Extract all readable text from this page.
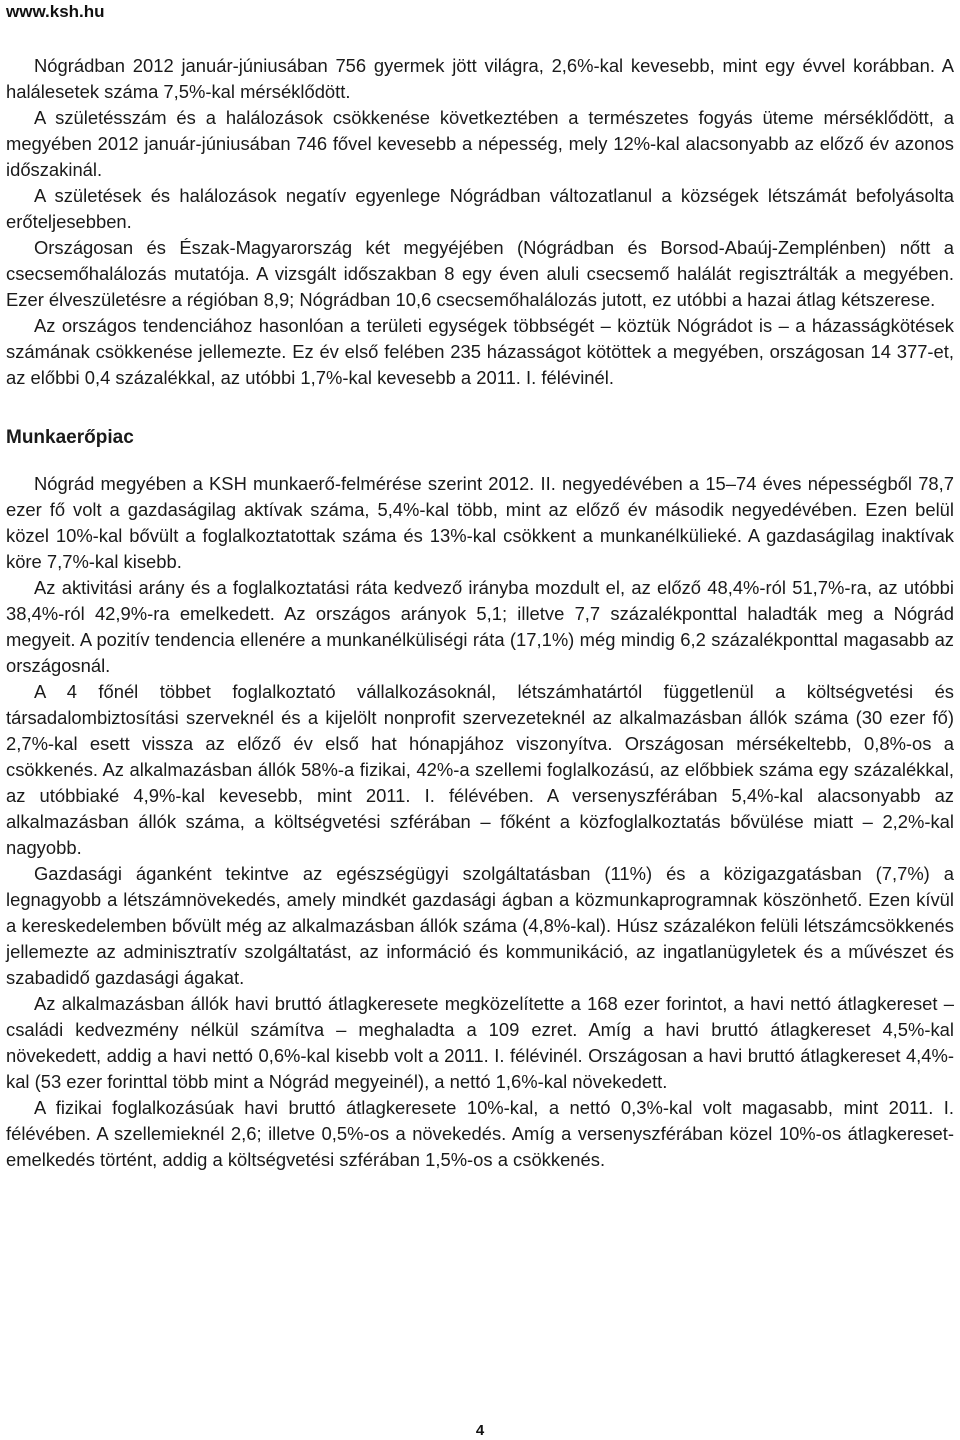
www.ksh.hu

Nógrádban 2012 január-júniusában 756 gyermek jött világra, 2,6%-kal kevesebb, mint egy évvel korábban. A halálesetek száma 7,5%-kal mérséklődött.

A születésszám és a halálozások csökkenése következtében a természetes fogyás üteme mérséklődött, a megyében 2012 január-júniusában 746 fővel kevesebb a népesség, mely 12%-kal alacsonyabb az előző év azonos időszakinál.

A születések és halálozások negatív egyenlege Nógrádban változatlanul a községek létszámát befolyásolta erőteljesebben.

Országosan és Észak-Magyarország két megyéjében (Nógrádban és Borsod-Abaúj-Zemplénben) nőtt a csecsemőhalálozás mutatója. A vizsgált időszakban 8 egy éven aluli csecsemő halálát regisztrálták a megyében. Ezer élveszületésre a régióban 8,9; Nógrádban 10,6 csecsemőhalálozás jutott, ez utóbbi a hazai átlag kétszerese.

Az országos tendenciához hasonlóan a területi egységek többségét – köztük Nógrádot is – a házasságkötések számának csökkenése jellemezte. Ez év első felében 235 házasságot kötöttek a megyében, országosan 14 377-et, az előbbi 0,4 százalékkal, az utóbbi 1,7%-kal kevesebb a 2011. I. félévinél.

Munkaerőpiac

Nógrád megyében a KSH munkaerő-felmérése szerint 2012. II. negyedévében a 15–74 éves népességből 78,7 ezer fő volt a gazdaságilag aktívak száma, 5,4%-kal több, mint az előző év második negyedévében. Ezen belül közel 10%-kal bővült a foglalkoztatottak száma és 13%-kal csökkent a munkanélkülieké. A gazdaságilag inaktívak köre 7,7%-kal kisebb.

Az aktivitási arány és a foglalkoztatási ráta kedvező irányba mozdult el, az előző 48,4%-ról 51,7%-ra, az utóbbi 38,4%-ról 42,9%-ra emelkedett. Az országos arányok 5,1; illetve 7,7 százalékponttal haladták meg a Nógrád megyeit. A pozitív tendencia ellenére a munkanélküliségi ráta (17,1%) még mindig 6,2 százalékponttal magasabb az országosnál.

A 4 főnél többet foglalkoztató vállalkozásoknál, létszámhatártól függetlenül a költségvetési és társadalombiztosítási szerveknél és a kijelölt nonprofit szervezeteknél az alkalmazásban állók száma (30 ezer fő) 2,7%-kal esett vissza az előző év első hat hónapjához viszonyítva. Országosan mérsékeltebb, 0,8%-os a csökkenés. Az alkalmazásban állók 58%-a fizikai, 42%-a szellemi foglalkozású, az előbbiek száma egy százalékkal, az utóbbiaké 4,9%-kal kevesebb, mint 2011. I. félévében. A versenyszférában 5,4%-kal alacsonyabb az alkalmazásban állók száma, a költségvetési szférában – főként a közfoglalkoztatás bővülése miatt – 2,2%-kal nagyobb.

Gazdasági áganként tekintve az egészségügyi szolgáltatásban (11%) és a közigazgatásban (7,7%) a legnagyobb a létszámnövekedés, amely mindkét gazdasági ágban a közmunkaprogramnak köszönhető. Ezen kívül a kereskedelemben bővült még az alkalmazásban állók száma (4,8%-kal). Húsz százalékon felüli létszámcsökkenés jellemezte az adminisztratív szolgáltatást, az információ és kommunikáció, az ingatlanügyletek és a művészet és szabadidő gazdasági ágakat.

Az alkalmazásban állók havi bruttó átlagkeresete megközelítette a 168 ezer forintot, a havi nettó átlagkereset – családi kedvezmény nélkül számítva – meghaladta a 109 ezret. Amíg a havi bruttó átlagkereset 4,5%-kal növekedett, addig a havi nettó 0,6%-kal kisebb volt a 2011. I. félévinél. Országosan a havi bruttó átlagkereset 4,4%-kal (53 ezer forinttal több mint a Nógrád megyeinél), a nettó 1,6%-kal növekedett.

A fizikai foglalkozásúak havi bruttó átlagkeresete 10%-kal, a nettó 0,3%-kal volt magasabb, mint 2011. I. félévében. A szellemieknél 2,6; illetve 0,5%-os a növekedés. Amíg a versenyszférában közel 10%-os átlagkereset-emelkedés történt, addig a költségvetési szférában 1,5%-os a csökkenés.

4
